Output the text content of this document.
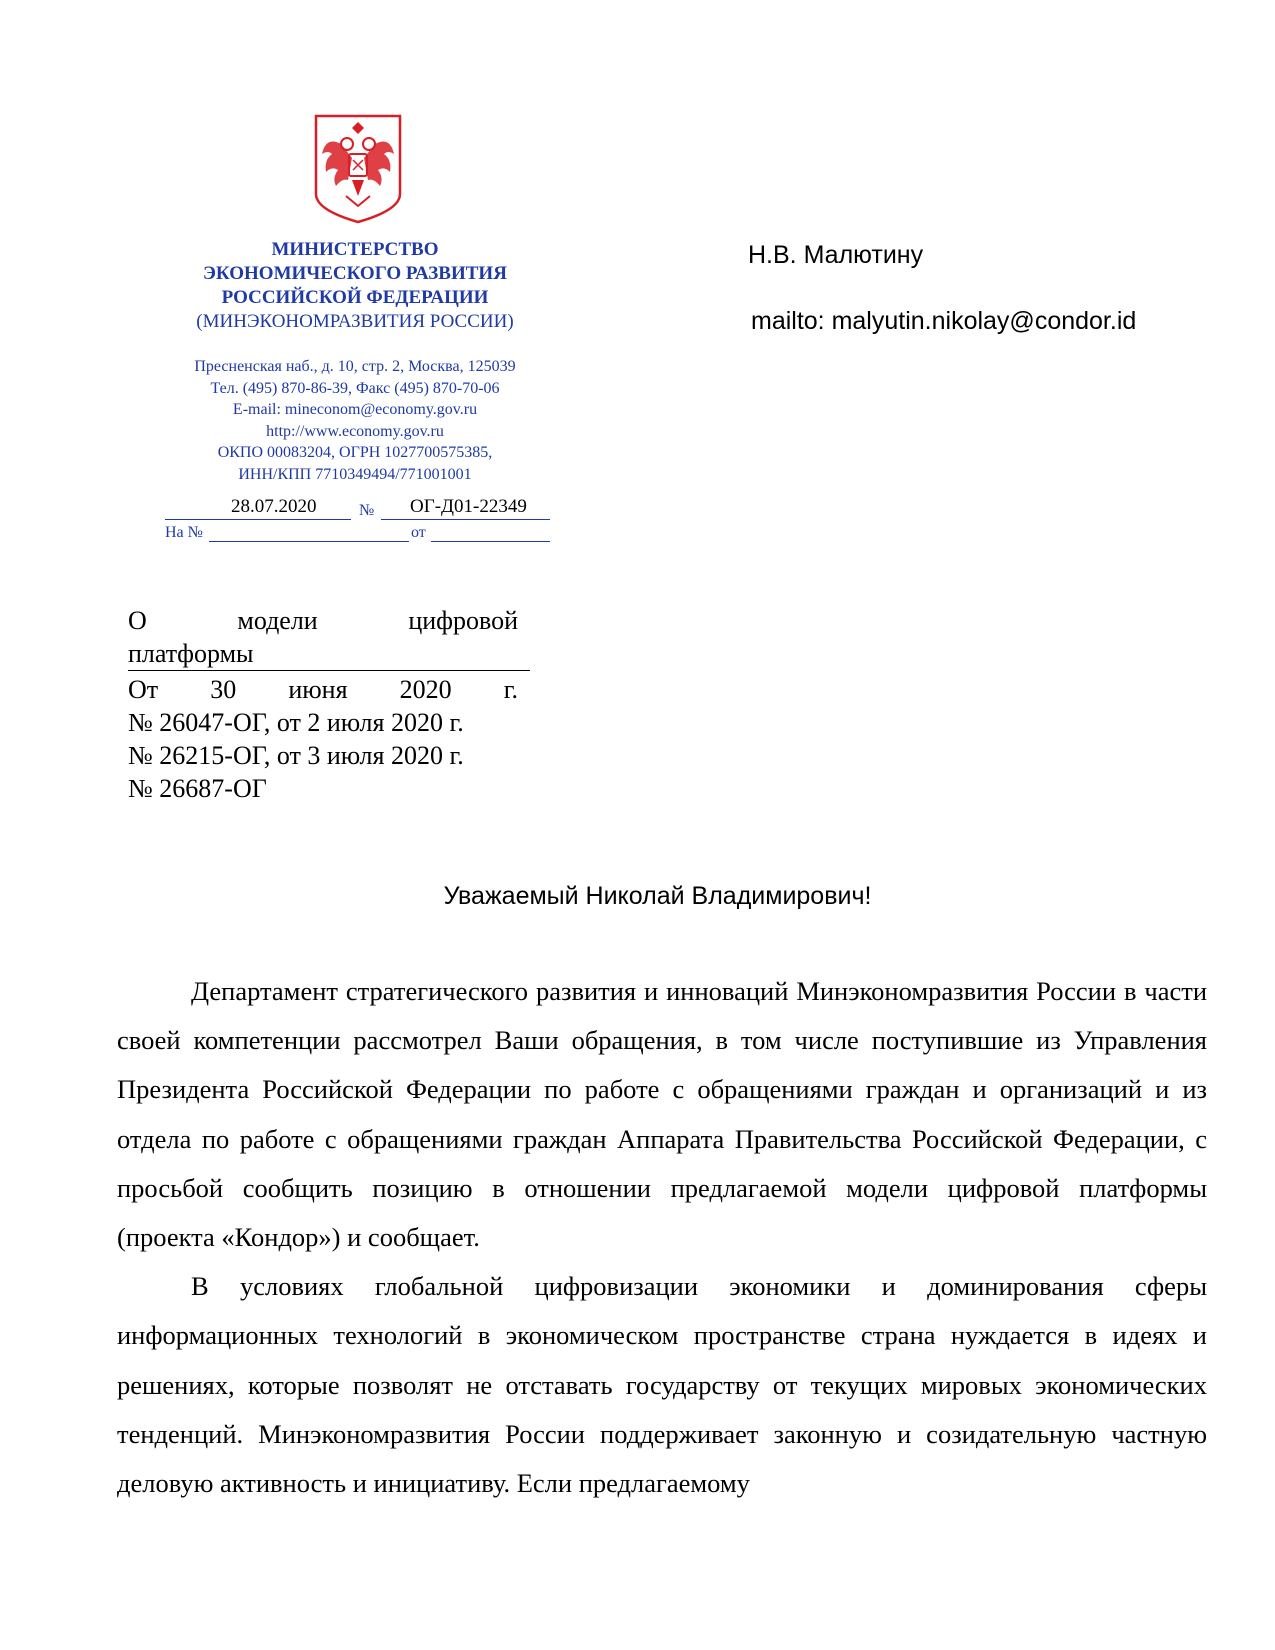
МИНИСТЕРСТВО
ЭКОНОМИЧЕСКОГО РАЗВИТИЯ
РОССИЙСКОЙ ФЕДЕРАЦИИ
(МИНЭКОНОМРАЗВИТИЯ РОССИИ)
Пресненская наб., д. 10, стр. 2, Москва, 125039
Тел. (495) 870-86-39, Факс (495) 870-70-06
E-mail: mineconom@economy.gov.ru
http://www.economy.gov.ru
ОКПО 00083204, ОГРН 1027700575385,
ИНН/КПП 7710349494/771001001
28.07.2020	№ ОГ-Д01-22349
На №	от
Н.В. Малютину
mailto: malyutin.nikolay@condor.id
О	модели	цифровой
платформы
От 30 июня 2020 г.
№ 26047-ОГ, от 2 июля 2020 г.
№ 26215-ОГ, от 3 июля 2020 г.
№ 26687-ОГ
Уважаемый Николай Владимирович!

Департамент стратегического развития и инноваций Минэкономразвития России в части своей компетенции рассмотрел Ваши обращения, в том числе поступившие из Управления Президента Российской Федерации по работе с обращениями граждан и организаций и из отдела по работе с обращениями граждан Аппарата Правительства Российской Федерации, с просьбой сообщить позицию в отношении предлагаемой модели цифровой платформы (проекта «Кондор») и сообщает.

В условиях глобальной цифровизации экономики и доминирования сферы информационных технологий в экономическом пространстве страна нуждается в идеях и решениях, которые позволят не отставать государству от текущих мировых экономических тенденций. Минэкономразвития России поддерживает законную и созидательную частную деловую активность и инициативу. Если предлагаемому
